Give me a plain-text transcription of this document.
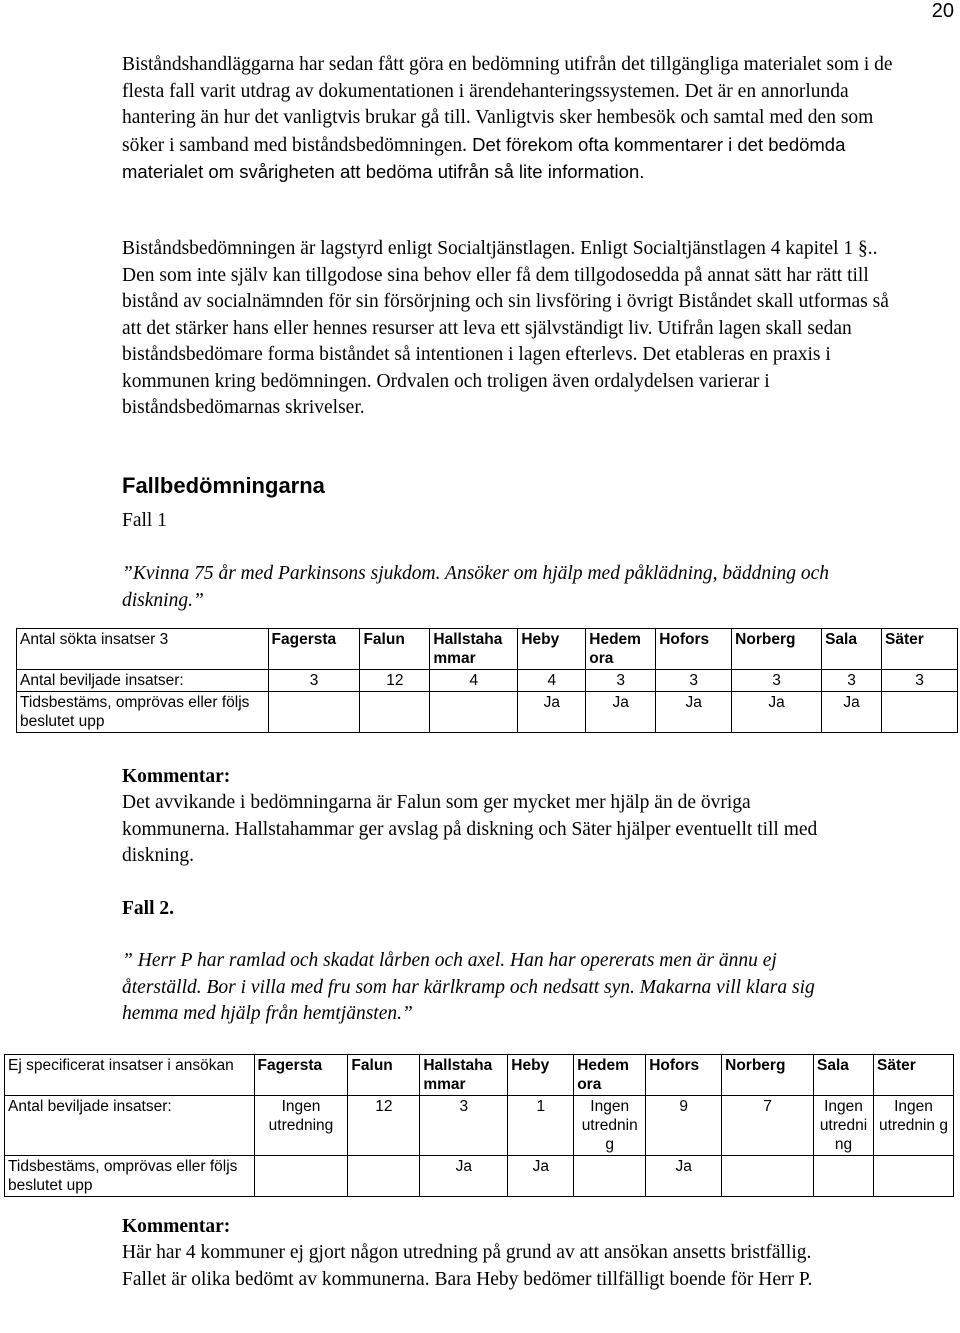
20
Biståndshandläggarna har sedan fått göra en bedömning utifrån det tillgängliga materialet som i de flesta fall varit utdrag av dokumentationen i ärendehanteringssystemen. Det är en annorlunda hantering än hur det vanligtvis brukar gå till. Vanligtvis sker hembesök och samtal med den som söker i samband med biståndsbedömningen. Det förekom ofta kommentarer i det bedömda materialet om svårigheten att bedöma utifrån så lite information.
Biståndsbedömningen är lagstyrd enligt Socialtjänstlagen. Enligt Socialtjänstlagen 4 kapitel 1 §.. Den som inte själv kan tillgodose sina behov eller få dem tillgodosedda på annat sätt har rätt till bistånd av socialnämnden för sin försörjning och sin livsföring i övrigt Biståndet skall utformas så att det stärker hans eller hennes resurser att leva ett självständigt liv. Utifrån lagen skall sedan biståndsbedömare forma biståndet så intentionen i lagen efterlevs. Det etableras en praxis i kommunen kring bedömningen. Ordvalen och troligen även ordalydelsen varierar i biståndsbedömarnas skrivelser.
Fallbedömningarna
Fall 1
”Kvinna 75 år med Parkinsons sjukdom. Ansöker om hjälp med påklädning, bäddning och diskning.”
Antal sökta insatser 3	Fagersta	Falun	Hallstaha mmar	Heby	Hedem ora	Hofors	Norberg	Sala	Säter
Antal beviljade insatser:	3	12	4	4	3	3	3	3	3
Tidsbestäms, omprövas eller följs beslutet upp				Ja	Ja	Ja	Ja	Ja	
Kommentar:
Det avvikande i bedömningarna är Falun som ger mycket mer hjälp än de övriga kommunerna. Hallstahammar ger avslag på diskning och Säter hjälper eventuellt till med diskning.
Fall 2.
” Herr P har ramlad och skadat lårben och axel. Han har opererats men är ännu ej återställd. Bor i villa med fru som har kärlkramp och nedsatt syn. Makarna vill klara sig hemma med hjälp från hemtjänsten.”
Ej specificerat insatser i ansökan	Fagersta	Falun	Hallstaha mmar	Heby	Hedem ora	Hofors	Norberg	Sala	Säter
Antal beviljade insatser:	Ingen utredning	12	3	1	Ingen utrednin g	9	7	Ingen utredni ng	Ingen utrednin g
Tidsbestäms, omprövas eller följs beslutet upp			Ja	Ja		Ja			
Kommentar:
Här har 4 kommuner ej gjort någon utredning på grund av att ansökan ansetts bristfällig. Fallet är olika bedömt av kommunerna. Bara Heby bedömer tillfälligt boende för Herr P.
